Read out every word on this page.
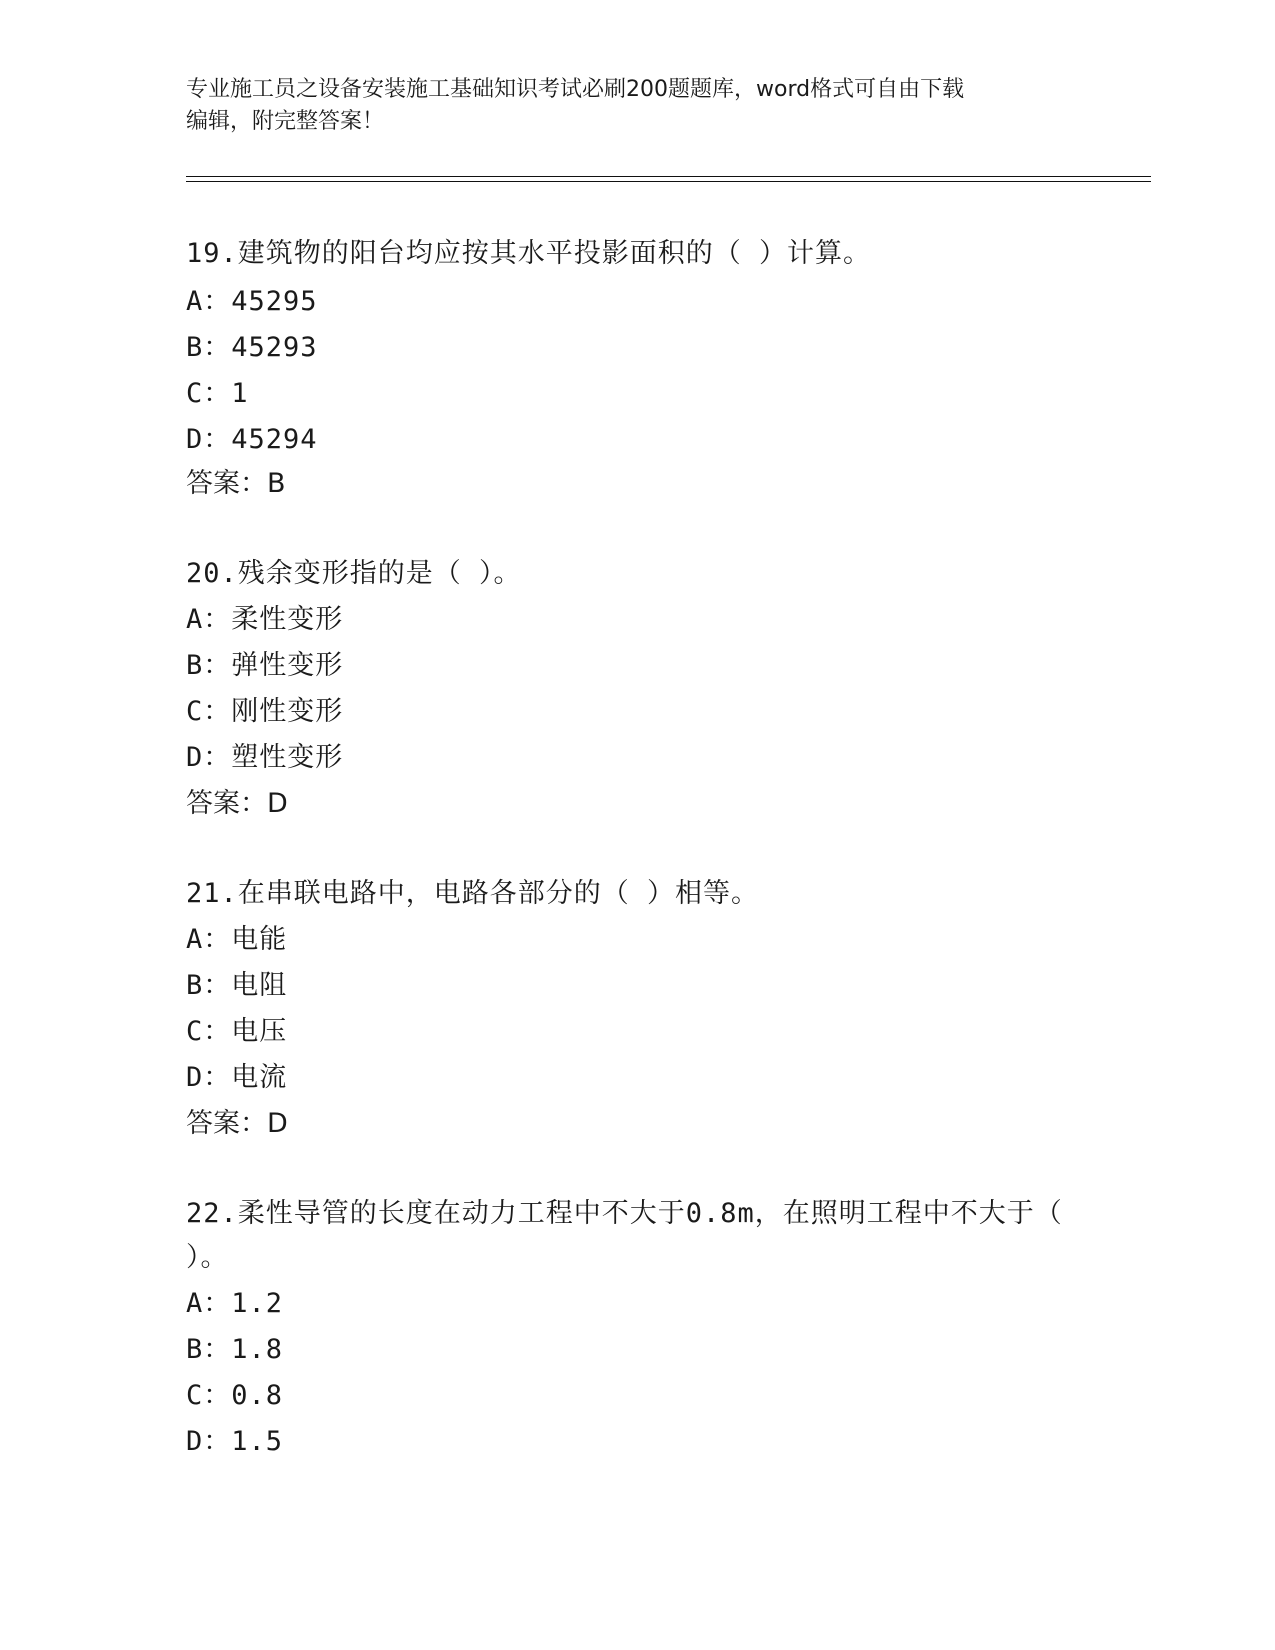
专业施工员之设备安装施工基础知识考试必刷200题题库，word格式可自由下载
编辑，附完整答案！
19.建筑物的阳台均应按其水平投影面积的（ ）计算。
A：45295
B：45293
C：1
D：45294
答案：B
20.残余变形指的是（ ）。
A：柔性变形
B：弹性变形
C：刚性变形
D：塑性变形
答案：D
21.在串联电路中，电路各部分的（ ）相等。
A：电能
B：电阻
C：电压
D：电流
答案：D
22.柔性导管的长度在动力工程中不大于0.8m，在照明工程中不大于（ ）。
A：1.2
B：1.8
C：0.8
D：1.5
